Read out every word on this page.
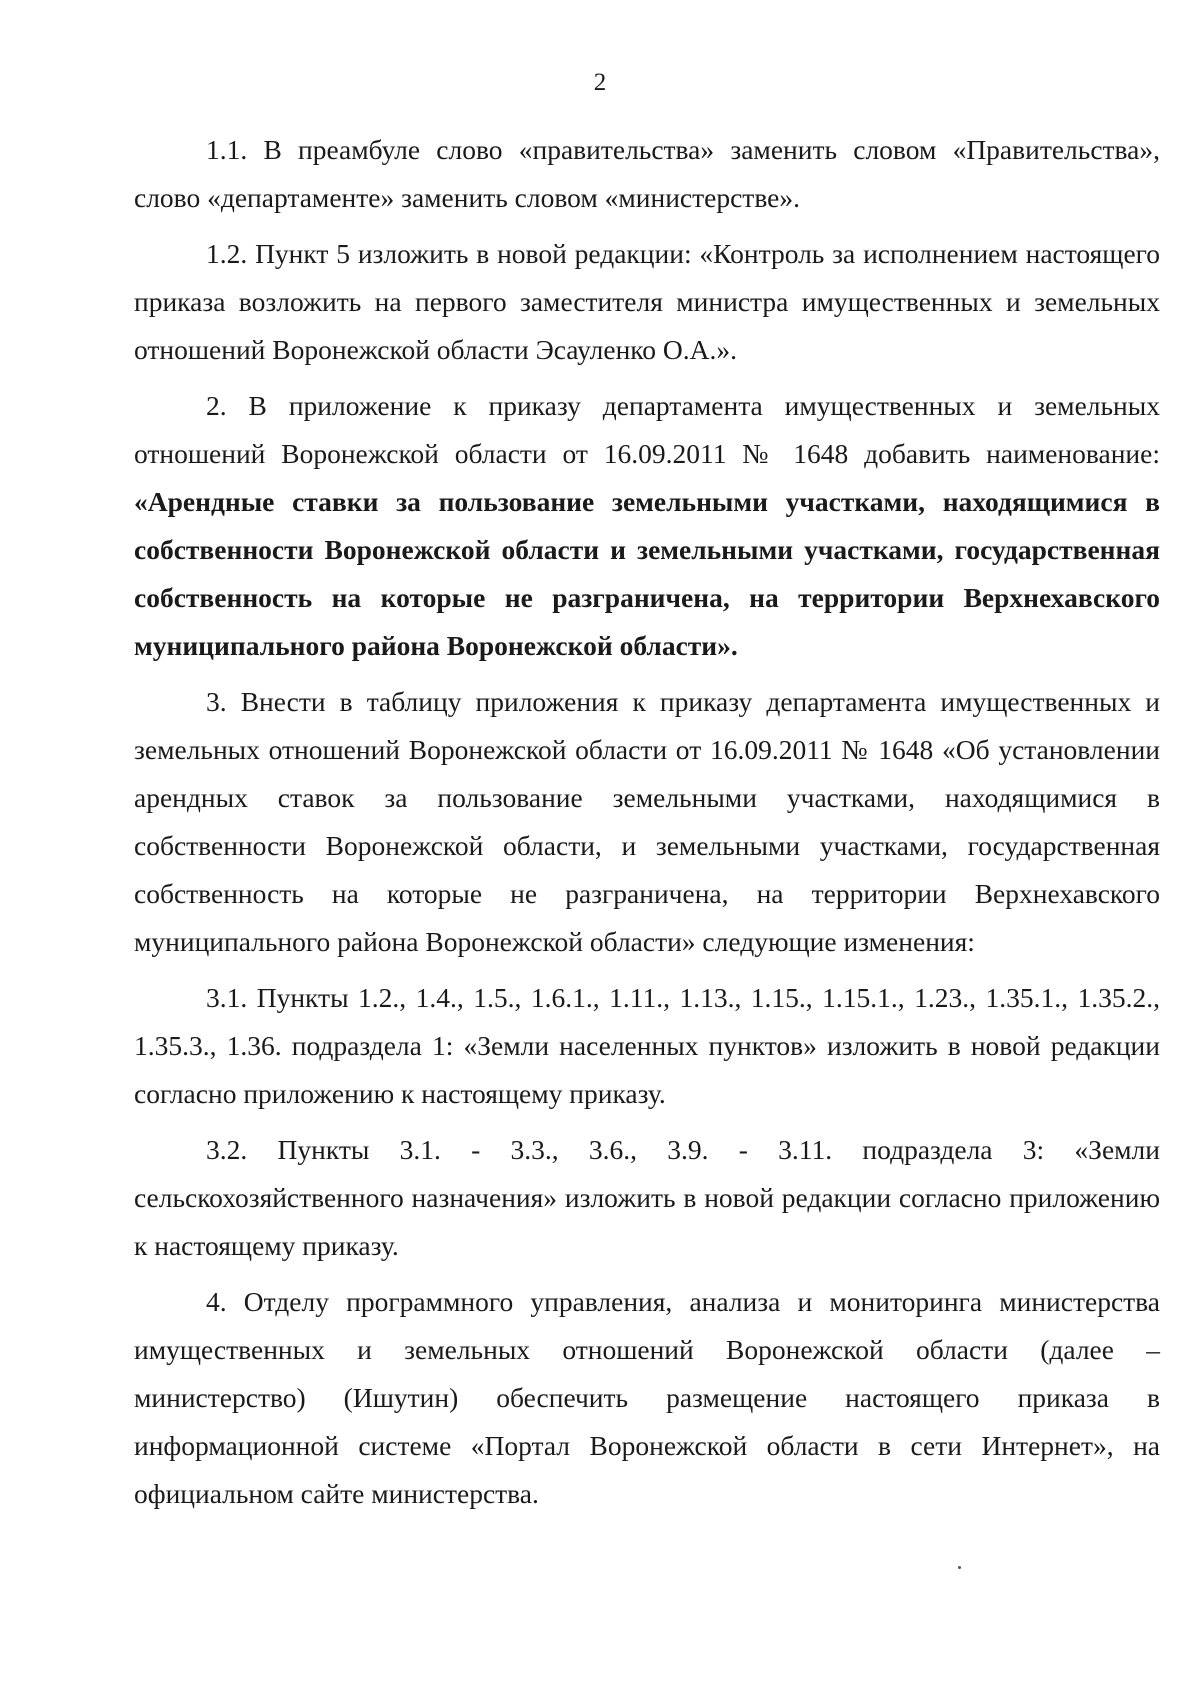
2

1.1. В преамбуле слово «правительства» заменить словом «Правительства», слово «департаменте» заменить словом «министерстве».

1.2. Пункт 5 изложить в новой редакции: «Контроль за исполнением настоящего приказа возложить на первого заместителя министра имущественных и земельных отношений Воронежской области Эсауленко О.А.».

2. В приложение к приказу департамента имущественных и земельных отношений Воронежской области от 16.09.2011 № 1648 добавить наименование: «Арендные ставки за пользование земельными участками, находящимися в собственности Воронежской области и земельными участками, государственная собственность на которые не разграничена, на территории Верхнехавского муниципального района Воронежской области».

3. Внести в таблицу приложения к приказу департамента имущественных и земельных отношений Воронежской области от 16.09.2011 № 1648 «Об установлении арендных ставок за пользование земельными участками, находящимися в собственности Воронежской области, и земельными участками, государственная собственность на которые не разграничена, на территории Верхнехавского муниципального района Воронежской области» следующие изменения:

3.1. Пункты 1.2., 1.4., 1.5., 1.6.1., 1.11., 1.13., 1.15., 1.15.1., 1.23., 1.35.1., 1.35.2., 1.35.3., 1.36. подраздела 1: «Земли населенных пунктов» изложить в новой редакции согласно приложению к настоящему приказу.

3.2. Пункты 3.1. - 3.3., 3.6., 3.9. - 3.11. подраздела 3: «Земли сельскохозяйственного назначения» изложить в новой редакции согласно приложению к настоящему приказу.

4. Отделу программного управления, анализа и мониторинга министерства имущественных и земельных отношений Воронежской области (далее – министерство) (Ишутин) обеспечить размещение настоящего приказа в информационной системе «Портал Воронежской области в сети Интернет», на официальном сайте министерства.
